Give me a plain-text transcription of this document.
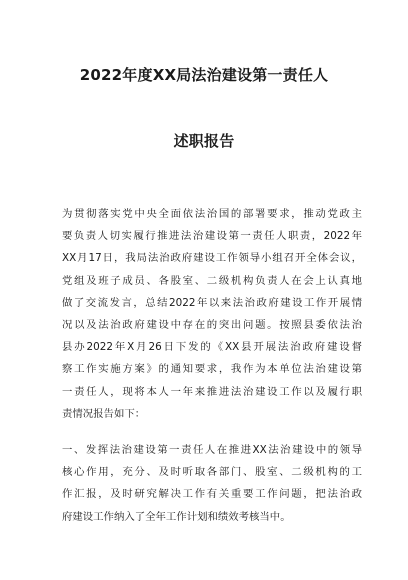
2022年度XX局法治建设第一责任人
述职报告
为贯彻落实党中央全面依法治国的部署要求，推动党政主
要负责人切实履行推进法治建设第一责任人职责，2022年
XX月17日，我局法治政府建设工作领导小组召开全体会议，
党组及班子成员、各股室、二级机构负责人在会上认真地
做了交流发言，总结2022年以来法治政府建设工作开展情
况以及法治政府建设中存在的突出问题。按照县委依法治
县办2022年X月26日下发的《XX县开展法治政府建设督
察工作实施方案》的通知要求，我作为本单位法治建设第
一责任人，现将本人一年来推进法治建设工作以及履行职
责情况报告如下：
一、发挥法治建设第一责任人在推进XX法治建设中的领导
核心作用，充分、及时听取各部门、股室、二级机构的工
作汇报，及时研究解决工作有关重要工作问题，把法治政
府建设工作纳入了全年工作计划和绩效考核当中。
